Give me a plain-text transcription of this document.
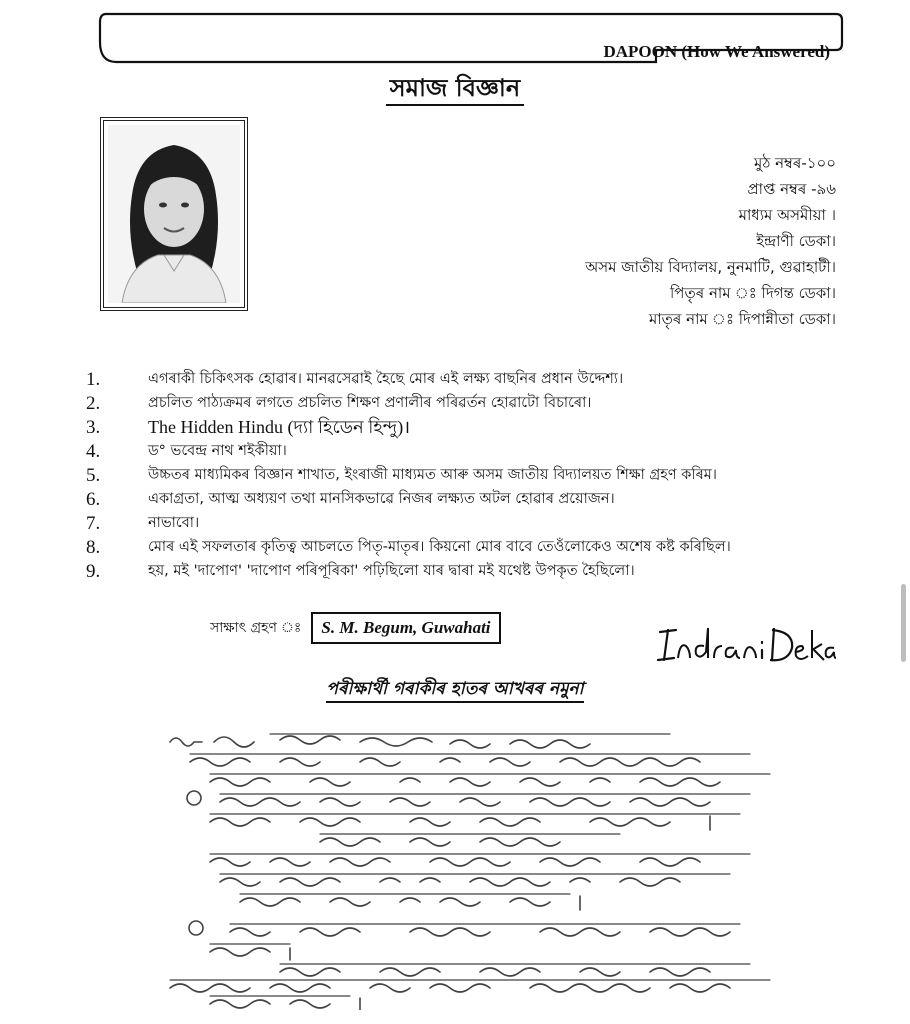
DAPOON (How We Answered)
সমাজ বিজ্ঞান
মুঠ নম্বৰ-১০০
প্ৰাপ্ত নম্বৰ -৯৬
মাধ্যম অসমীয়া ।
ইন্দ্ৰাণী ডেকা।
অসম জাতীয় বিদ্যালয়, নুনমাটি, গুৱাহাটী।
পিতৃৰ নাম ঃ দিগন্ত ডেকা।
মাতৃৰ নাম ঃ দিপান্নীতা ডেকা।
1.	এগৰাকী চিকিৎসক হোৱাৰ। মানৱসেৱাই হৈছে মোৰ এই লক্ষ্য বাছনিৰ প্ৰধান উদ্দেশ্য।
2.	প্ৰচলিত পাঠ্যক্ৰমৰ লগতে প্ৰচলিত শিক্ষণ প্ৰণালীৰ পৰিৱৰ্তন হোৱাটো বিচাৰো।
3.	The Hidden Hindu (দ্যা হিডেন হিন্দু)।
4.	ড° ভবেন্দ্ৰ নাথ শইকীয়া।
5.	উচ্চতৰ মাধ্যমিকৰ বিজ্ঞান শাখাত, ইংৰাজী মাধ্যমত আৰু অসম জাতীয় বিদ্যালয়ত শিক্ষা গ্ৰহণ কৰিম।
6.	একাগ্ৰতা, আত্ম অধ্যয়ণ তথা মানসিকভাৱে নিজৰ লক্ষ্যত অটল হোৱাৰ প্ৰয়োজন।
7.	নাভাবো।
8.	মোৰ এই সফলতাৰ কৃতিত্ব আচলতে পিতৃ-মাতৃৰ। কিয়নো মোৰ বাবে তেওঁলোকেও অশেষ কষ্ট কৰিছিল।
9.	হয়, মই 'দাপোণ' 'দাপোণ পৰিপূৰিকা' পঢ়িছিলো যাৰ দ্বাৰা মই যথেষ্ট উপকৃত হৈছিলো।
সাক্ষাৎ গ্ৰহণ ঃ	S. M. Begum, Guwahati
পৰীক্ষাৰ্থী গৰাকীৰ হাতৰ আখৰৰ নমুনা
